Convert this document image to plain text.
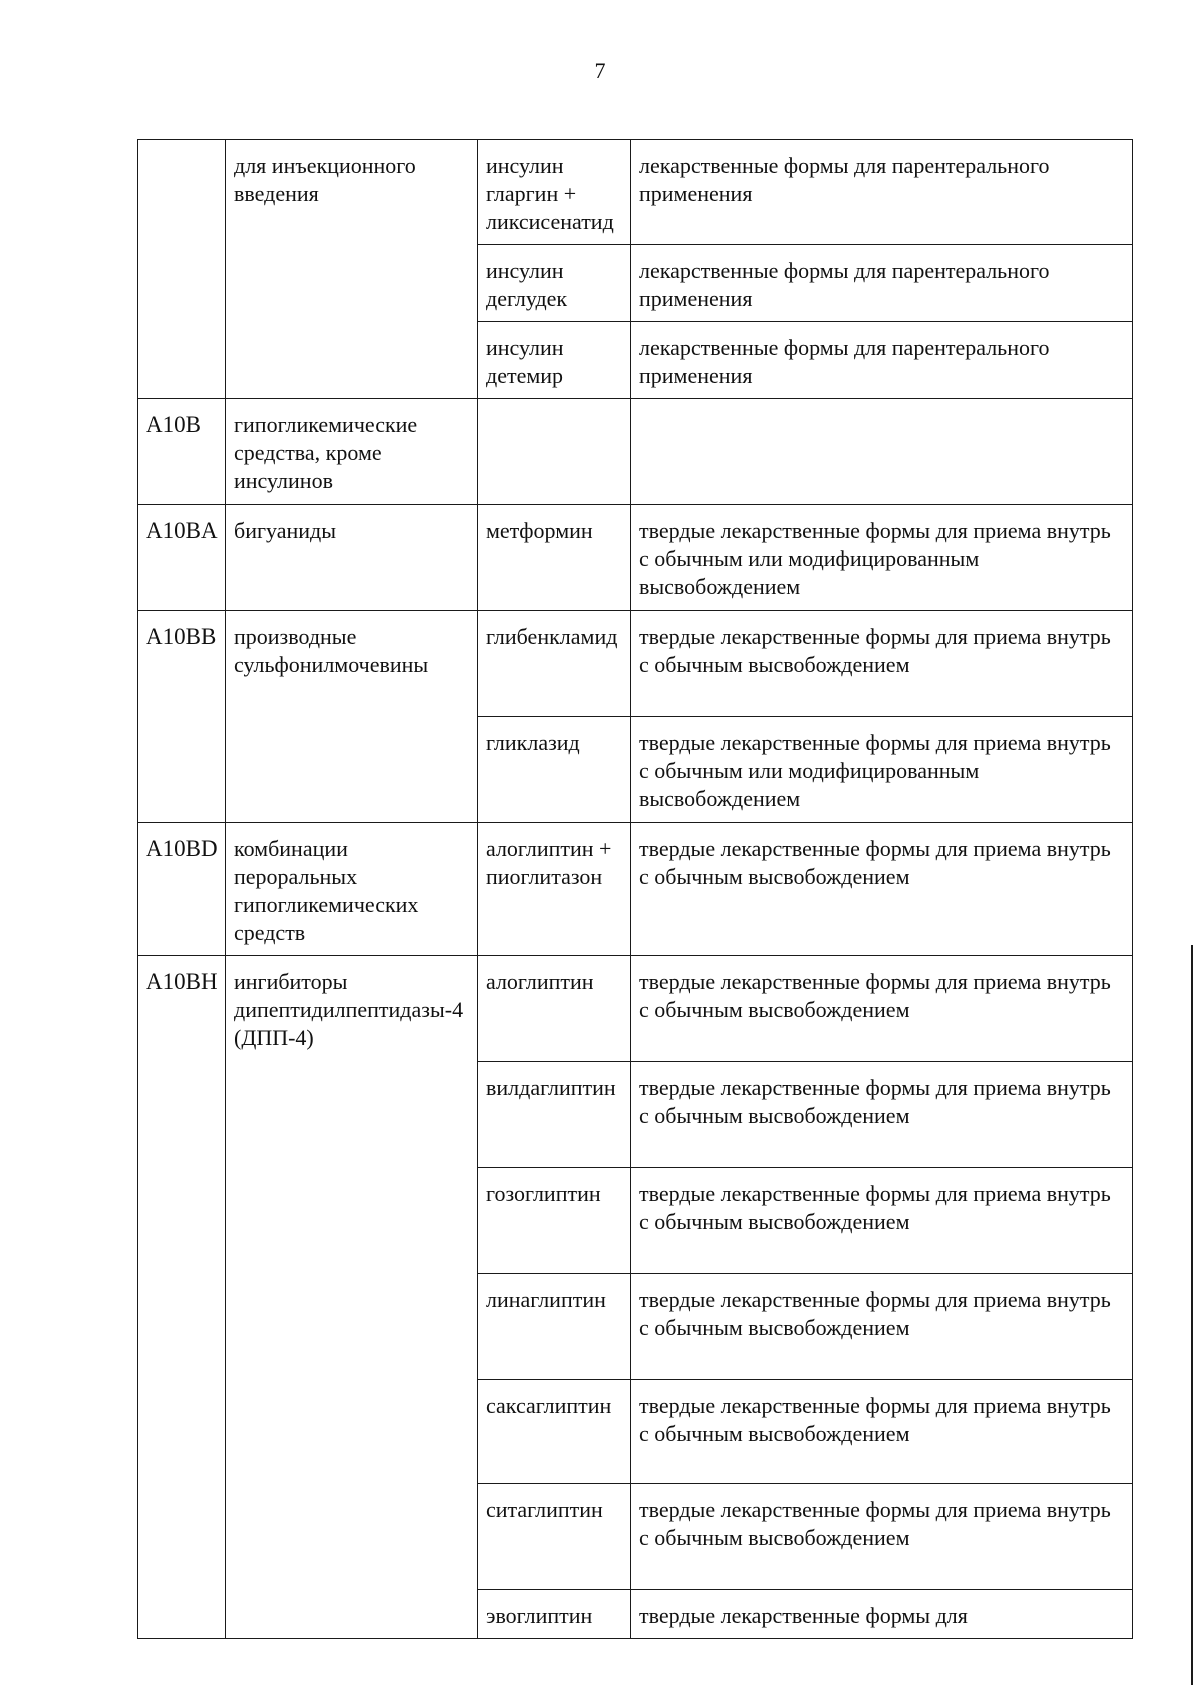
7
	для инъекционного введения	инсулин гларгин + ликсисенатид	лекарственные формы для парентерального применения
		инсулин деглудек	лекарственные формы для парентерального применения
		инсулин детемир	лекарственные формы для парентерального применения
A10B	гипогликемические средства, кроме инсулинов		
A10BA	бигуаниды	метформин	твердые лекарственные формы для приема внутрь с обычным или модифицированным высвобождением
A10BB	производные сульфонилмочевины	глибенкламид	твердые лекарственные формы для приема внутрь с обычным высвобождением
		гликлазид	твердые лекарственные формы для приема внутрь с обычным или модифицированным высвобождением
A10BD	комбинации пероральных гипогликемических средств	алоглиптин + пиоглитазон	твердые лекарственные формы для приема внутрь с обычным высвобождением
A10BH	ингибиторы дипептидилпептидазы-4 (ДПП-4)	алоглиптин	твердые лекарственные формы для приема внутрь с обычным высвобождением
		вилдаглиптин	твердые лекарственные формы для приема внутрь с обычным высвобождением
		гозоглиптин	твердые лекарственные формы для приема внутрь с обычным высвобождением
		линаглиптин	твердые лекарственные формы для приема внутрь с обычным высвобождением
		саксаглиптин	твердые лекарственные формы для приема внутрь с обычным высвобождением
		ситаглиптин	твердые лекарственные формы для приема внутрь с обычным высвобождением
		эвоглиптин	твердые лекарственные формы для
